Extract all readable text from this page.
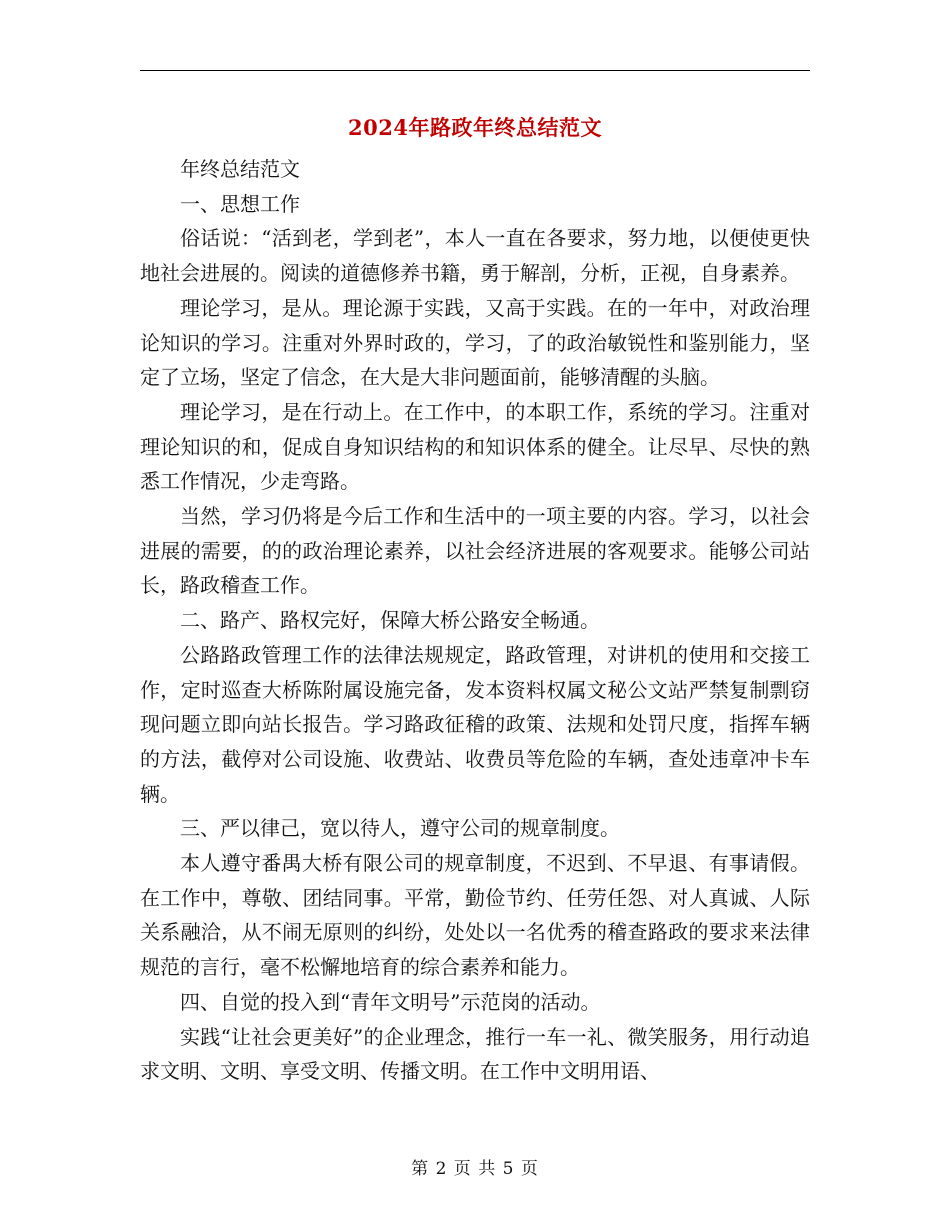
2024年路政年终总结范文

年终总结范文

一、思想工作

俗话说：“活到老，学到老”，本人一直在各要求，努力地，以便使更快地社会进展的。阅读的道德修养书籍，勇于解剖，分析，正视，自身素养。

理论学习，是从。理论源于实践，又高于实践。在的一年中，对政治理论知识的学习。注重对外界时政的，学习，了的政治敏锐性和鉴别能力，坚定了立场，坚定了信念，在大是大非问题面前，能够清醒的头脑。

理论学习，是在行动上。在工作中，的本职工作，系统的学习。注重对理论知识的和，促成自身知识结构的和知识体系的健全。让尽早、尽快的熟悉工作情况，少走弯路。

当然，学习仍将是今后工作和生活中的一项主要的内容。学习，以社会进展的需要，的的政治理论素养，以社会经济进展的客观要求。能够公司站长，路政稽查工作。

二、路产、路权完好，保障大桥公路安全畅通。

公路路政管理工作的法律法规规定，路政管理，对讲机的使用和交接工作，定时巡查大桥陈附属设施完备，发本资料权属文秘公文站严禁复制剽窃现问题立即向站长报告。学习路政征稽的政策、法规和处罚尺度，指挥车辆的方法，截停对公司设施、收费站、收费员等危险的车辆，查处违章冲卡车辆。

三、严以律己，宽以待人，遵守公司的规章制度。

本人遵守番禺大桥有限公司的规章制度，不迟到、不早退、有事请假。在工作中，尊敬、团结同事。平常，勤俭节约、任劳任怨、对人真诚、人际关系融洽，从不闹无原则的纠纷，处处以一名优秀的稽查路政的要求来法律规范的言行，毫不松懈地培育的综合素养和能力。

四、自觉的投入到“青年文明号”示范岗的活动。

实践“让社会更美好”的企业理念，推行一车一礼、微笑服务，用行动追求文明、文明、享受文明、传播文明。在工作中文明用语、

第 2 页 共 5 页
